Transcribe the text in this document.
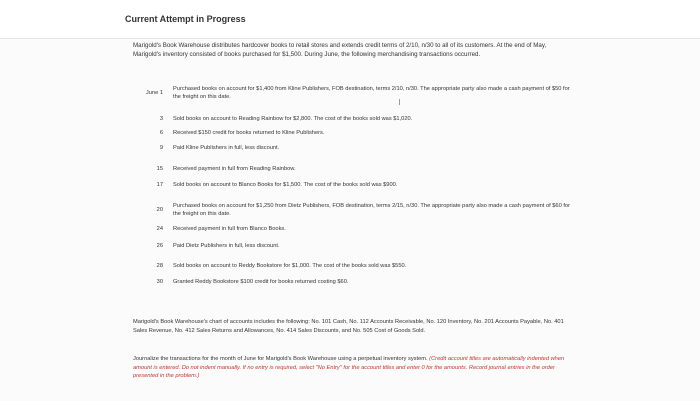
Current Attempt in Progress
Marigold's Book Warehouse distributes hardcover books to retail stores and extends credit terms of 2/10, n/30 to all of its customers. At the end of May, Marigold's inventory consisted of books purchased for $1,500. During June, the following merchandising transactions occurred.
June 1
Purchased books on account for $1,400 from Kline Publishers, FOB destination, terms 2/10, n/30. The appropriate party also made a cash payment of $50 for the freight on this date.
3 Sold books on account to Reading Rainbow for $2,800. The cost of the books sold was $1,020.
6 Received $150 credit for books returned to Kline Publishers.
9 Paid Kline Publishers in full, less discount.
15 Received payment in full from Reading Rainbow.
17 Sold books on account to Blanco Books for $1,500. The cost of the books sold was $900.
20
Purchased books on account for $1,250 from Dietz Publishers, FOB destination, terms 2/15, n/30. The appropriate party also made a cash payment of $60 for the freight on this date.
24 Received payment in full from Blanco Books.
26 Paid Dietz Publishers in full, less discount.
28 Sold books on account to Reddy Bookstore for $1,000. The cost of the books sold was $550.
30 Granted Reddy Bookstore $100 credit for books returned costing $60.
Marigold's Book Warehouse's chart of accounts includes the following: No. 101 Cash, No. 112 Accounts Receivable, No. 120 Inventory, No. 201 Accounts Payable, No. 401 Sales Revenue, No. 412 Sales Returns and Allowances, No. 414 Sales Discounts, and No. 505 Cost of Goods Sold.
Journalize the transactions for the month of June for Marigold's Book Warehouse using a perpetual inventory system. (Credit account titles are automatically indented when amount is entered. Do not indent manually. If no entry is required, select "No Entry" for the account titles and enter 0 for the amounts. Record journal entries in the order presented in the problem.)
